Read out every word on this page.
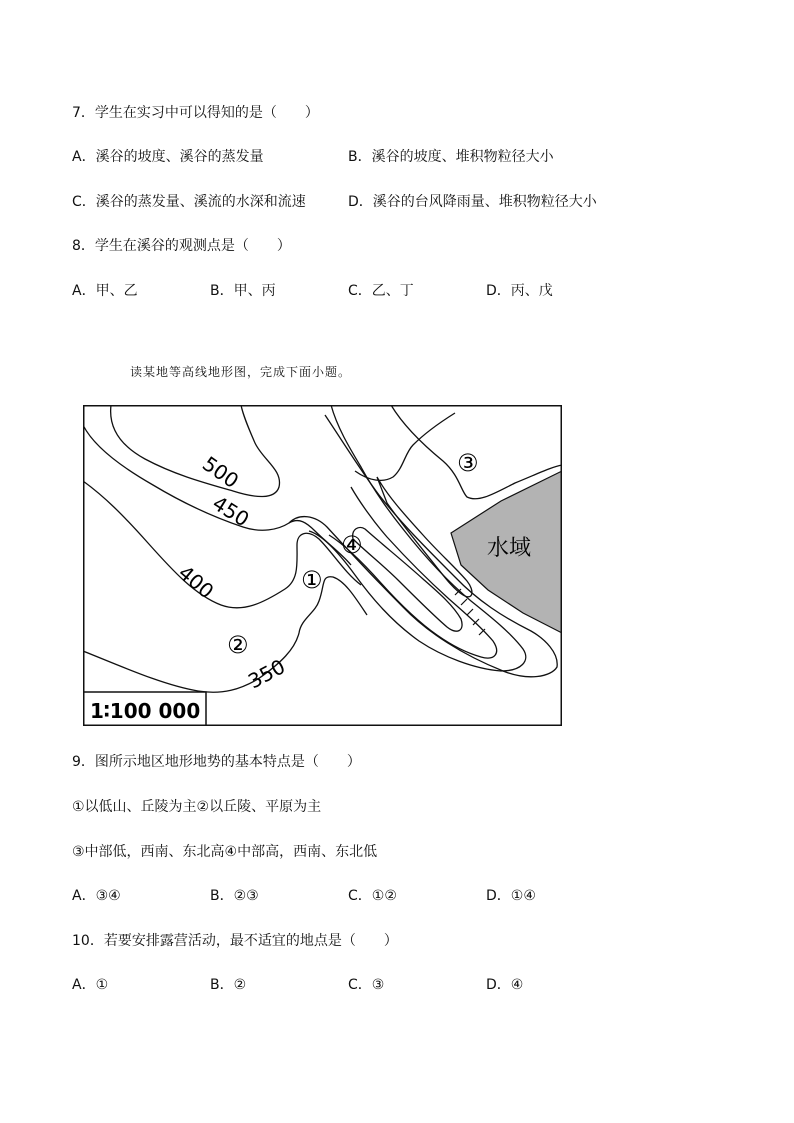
7．学生在实习中可以得知的是（　　）
A．溪谷的坡度、溪谷的蒸发量	B．溪谷的坡度、堆积物粒径大小
C．溪谷的蒸发量、溪流的水深和流速	D．溪谷的台风降雨量、堆积物粒径大小
8．学生在溪谷的观测点是（　　）
A．甲、乙	B．甲、丙	C．乙、丁	D．丙、戊
读某地等高线地形图，完成下面小题。
500
450
400
350
①
②
③
④	水域
1∶100 000
9．图所示地区地形地势的基本特点是（　　）
①以低山、丘陵为主②以丘陵、平原为主
③中部低，西南、东北高④中部高，西南、东北低
A．③④	B．②③	C．①②	D．①④
10．若要安排露营活动，最不适宜的地点是（　　）
A．①	B．②	C．③	D．④
